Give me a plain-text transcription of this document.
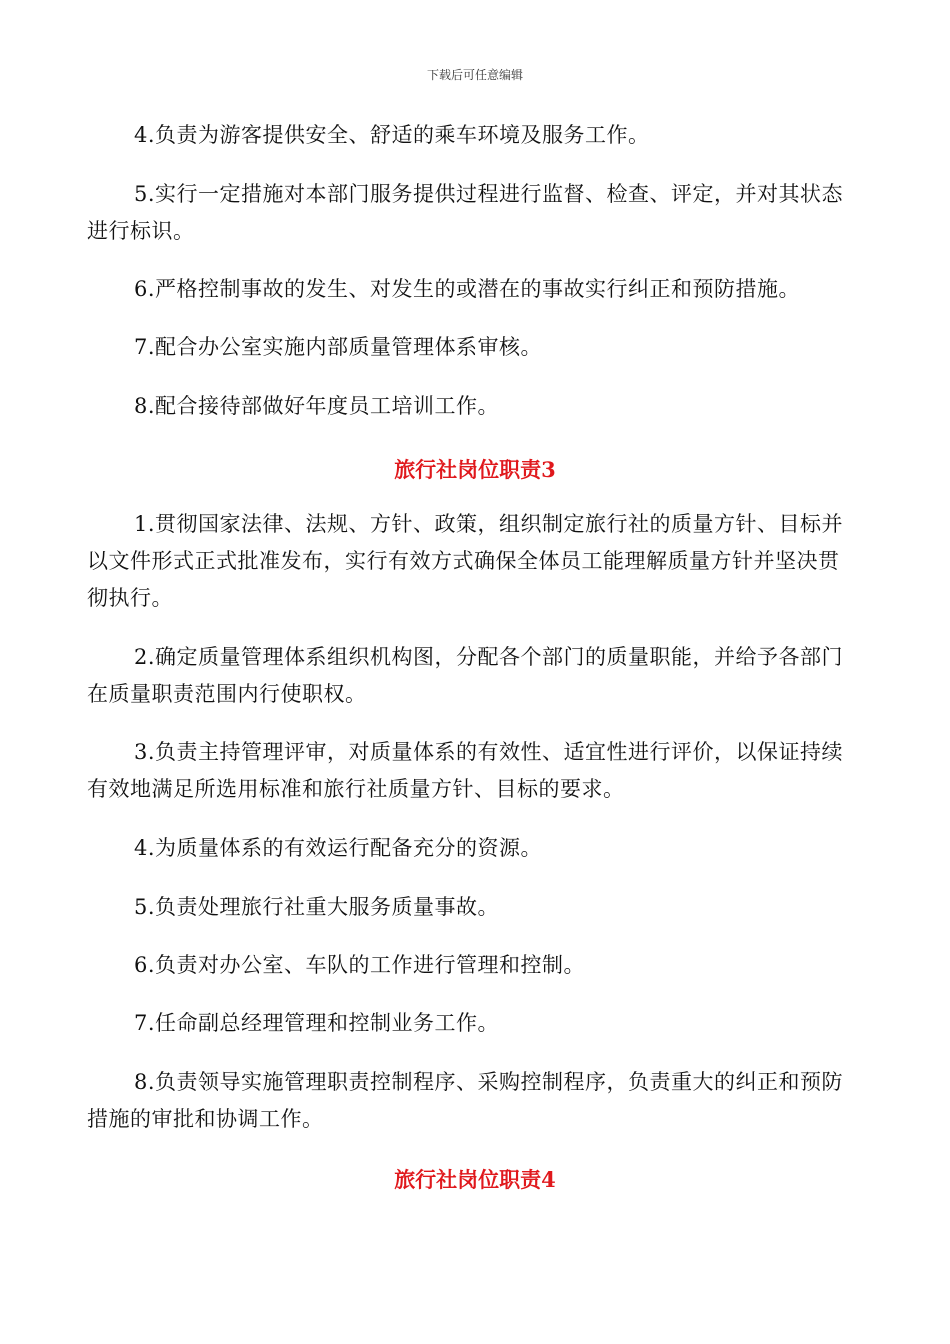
下载后可任意编辑

4.负责为游客提供安全、舒适的乘车环境及服务工作。

5.实行一定措施对本部门服务提供过程进行监督、检查、评定，并对其状态进行标识。

6.严格控制事故的发生、对发生的或潜在的事故实行纠正和预防措施。

7.配合办公室实施内部质量管理体系审核。

8.配合接待部做好年度员工培训工作。

旅行社岗位职责3

1.贯彻国家法律、法规、方针、政策，组织制定旅行社的质量方针、目标并以文件形式正式批准发布，实行有效方式确保全体员工能理解质量方针并坚决贯彻执行。

2.确定质量管理体系组织机构图，分配各个部门的质量职能，并给予各部门在质量职责范围内行使职权。

3.负责主持管理评审，对质量体系的有效性、适宜性进行评价，以保证持续有效地满足所选用标准和旅行社质量方针、目标的要求。

4.为质量体系的有效运行配备充分的资源。

5.负责处理旅行社重大服务质量事故。

6.负责对办公室、车队的工作进行管理和控制。

7.任命副总经理管理和控制业务工作。

8.负责领导实施管理职责控制程序、采购控制程序，负责重大的纠正和预防措施的审批和协调工作。

旅行社岗位职责4
